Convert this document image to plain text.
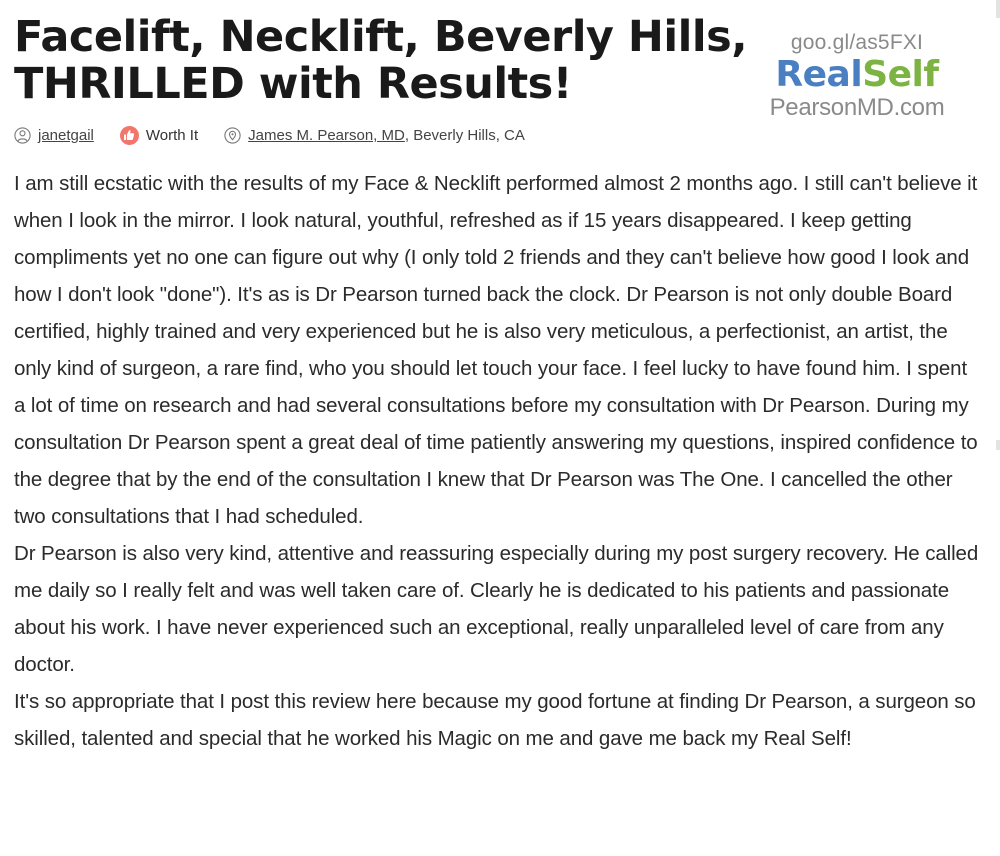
Facelift, Necklift, Beverly Hills, THRILLED with Results!
goo.gl/as5FXI
RealSelf
PearsonMD.com
janetgail	Worth It	James M. Pearson, MD , Beverly Hills, CA

I am still ecstatic with the results of my Face & Necklift performed almost 2 months ago. I still can't believe it when I look in the mirror. I look natural, youthful, refreshed as if 15 years disappeared. I keep getting compliments yet no one can figure out why (I only told 2 friends and they can't believe how good I look and how I don't look "done"). It's as is Dr Pearson turned back the clock. Dr Pearson is not only double Board certified, highly trained and very experienced but he is also very meticulous, a perfectionist, an artist, the only kind of surgeon, a rare find, who you should let touch your face. I feel lucky to have found him. I spent a lot of time on research and had several consultations before my consultation with Dr Pearson. During my consultation Dr Pearson spent a great deal of time patiently answering my questions, inspired confidence to the degree that by the end of the consultation I knew that Dr Pearson was The One. I cancelled the other two consultations that I had scheduled.

Dr Pearson is also very kind, attentive and reassuring especially during my post surgery recovery. He called me daily so I really felt and was well taken care of. Clearly he is dedicated to his patients and passionate about his work. I have never experienced such an exceptional, really unparalleled level of care from any doctor.

It's so appropriate that I post this review here because my good fortune at finding Dr Pearson, a surgeon so skilled, talented and special that he worked his Magic on me and gave me back my Real Self!
